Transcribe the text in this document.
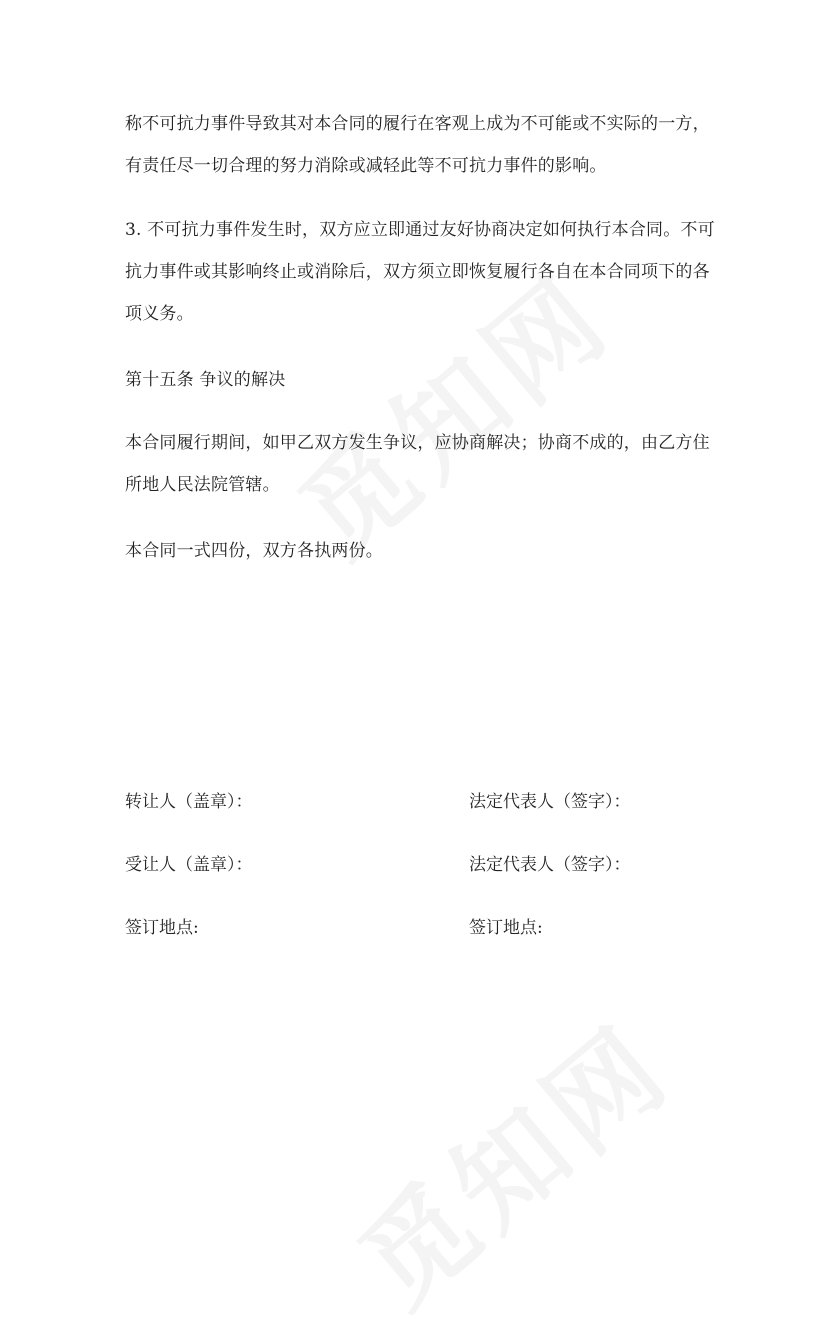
称不可抗力事件导致其对本合同的履行在客观上成为不可能或不实际的一方，
有责任尽一切合理的努力消除或减轻此等不可抗力事件的影响。
3. 不可抗力事件发生时，双方应立即通过友好协商决定如何执行本合同。不可
抗力事件或其影响终止或消除后，双方须立即恢复履行各自在本合同项下的各
项义务。
第十五条 争议的解决
本合同履行期间，如甲乙双方发生争议，应协商解决；协商不成的，由乙方住
所地人民法院管辖。
本合同一式四份，双方各执两份。
转让人（盖章）：	法定代表人（签字）：
受让人（盖章）：	法定代表人（签字）：
签订地点:	签订地点:
